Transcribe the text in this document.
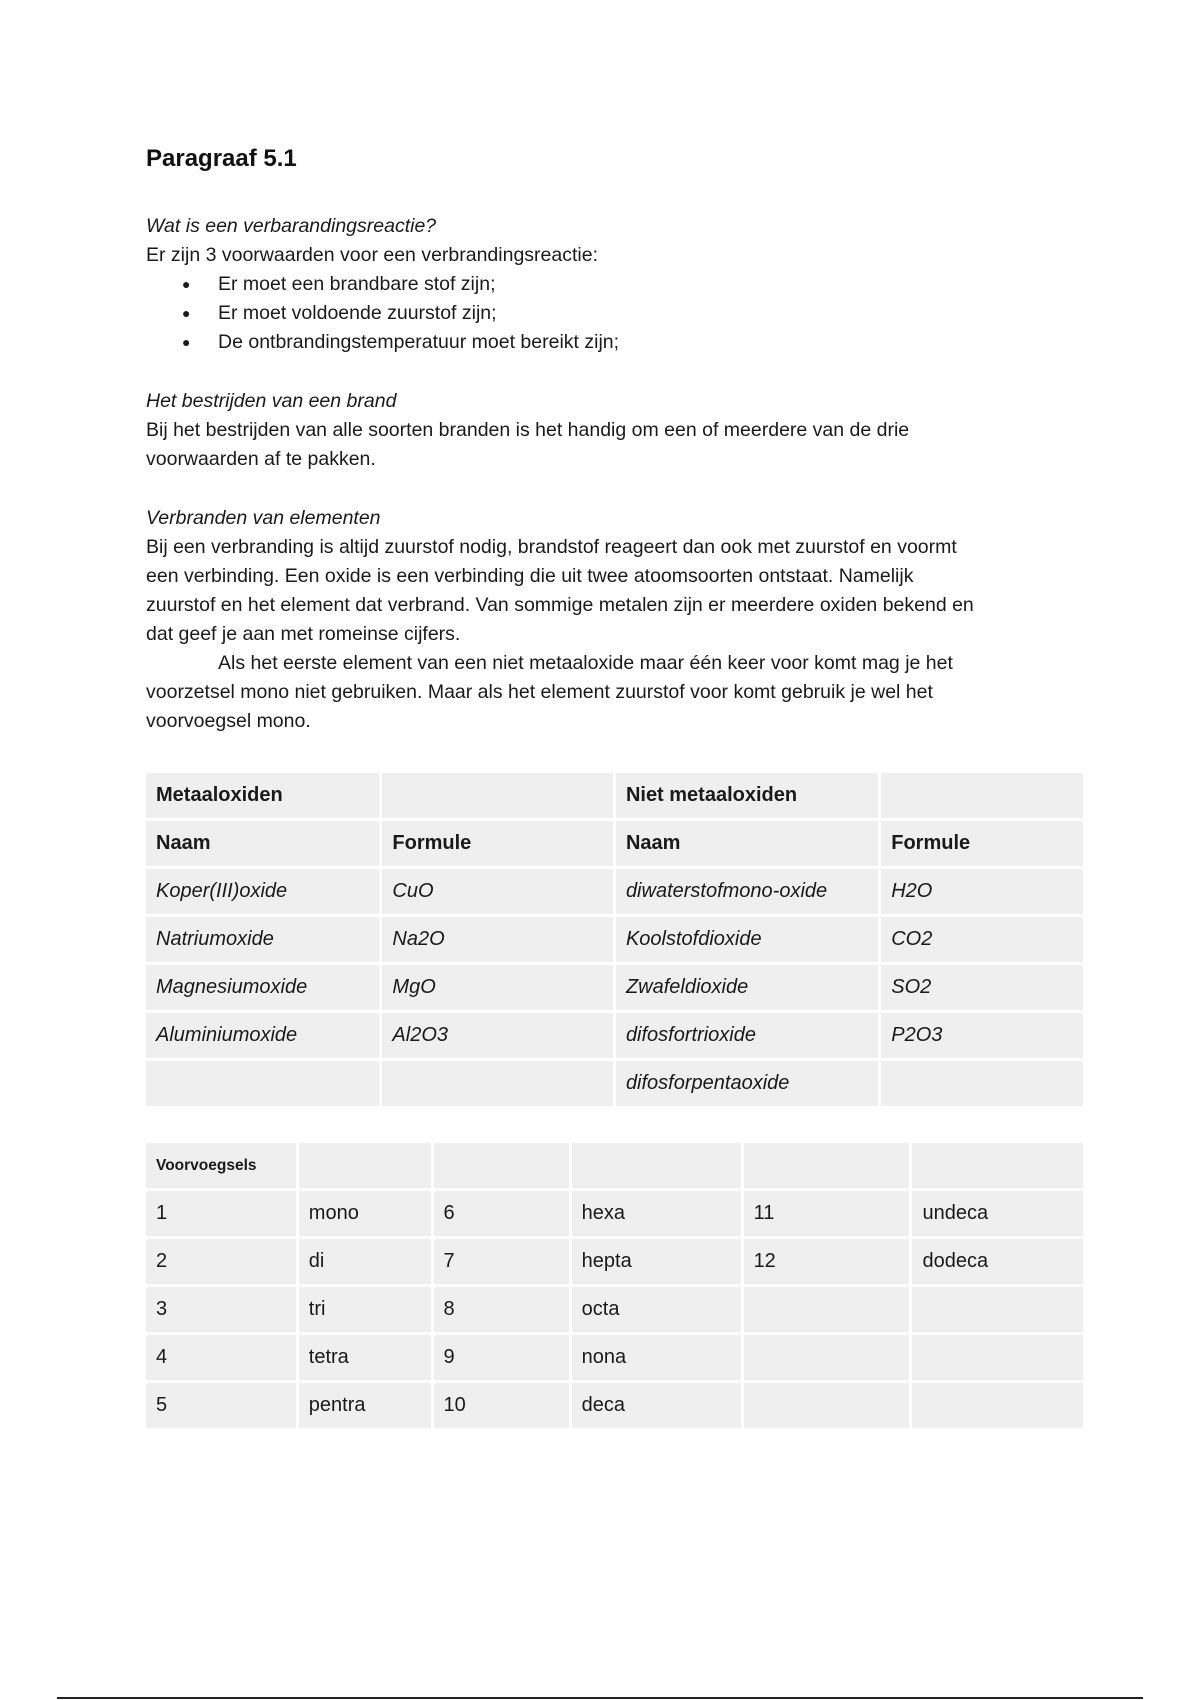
Paragraaf 5.1
Wat is een verbarandingsreactie?
Er zijn 3 voorwaarden voor een verbrandingsreactie:
● Er moet een brandbare stof zijn;
● Er moet voldoende zuurstof zijn;
● De ontbrandingstemperatuur moet bereikt zijn;
Het bestrijden van een brand
Bij het bestrijden van alle soorten branden is het handig om een of meerdere van de drie
voorwaarden af te pakken.
Verbranden van elementen
Bij een verbranding is altijd zuurstof nodig, brandstof reageert dan ook met zuurstof en voormt
een verbinding. Een oxide is een verbinding die uit twee atoomsoorten ontstaat. Namelijk
zuurstof en het element dat verbrand. Van sommige metalen zijn er meerdere oxiden bekend en
dat geef je aan met romeinse cijfers.
Als het eerste element van een niet metaaloxide maar één keer voor komt mag je het
voorzetsel mono niet gebruiken. Maar als het element zuurstof voor komt gebruik je wel het
voorvoegsel mono.
Metaaloxiden		Niet metaaloxiden	
Naam	Formule	Naam	Formule
Koper(III)oxide	CuO	diwaterstofmono-oxide	H2O
Natriumoxide	Na2O	Koolstofdioxide	CO2
Magnesiumoxide	MgO	Zwafeldioxide	SO2
Aluminiumoxide	Al2O3	difosfortrioxide	P2O3
		difosforpentaoxide	
Voorvoegsels					
1	mono	6	hexa	11	undeca
2	di	7	hepta	12	dodeca
3	tri	8	octa		
4	tetra	9	nona		
5	pentra	10	deca		
